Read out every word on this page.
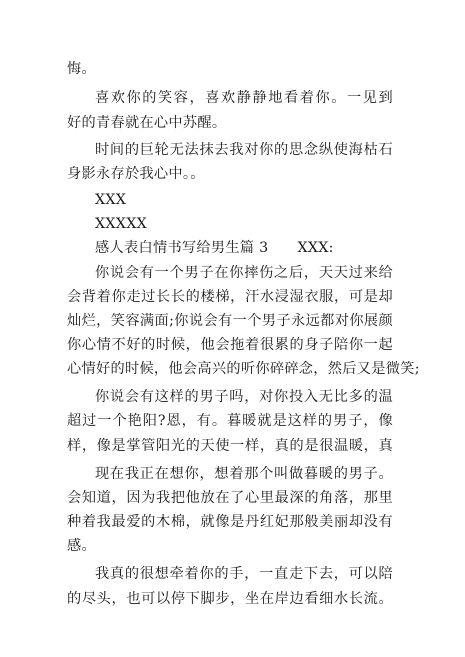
悔。
喜欢你的笑容，喜欢静静地看着你。一见到
好的青春就在心中苏醒。
时间的巨轮无法抹去我对你的思念纵使海枯石
身影永存於我心中。。
XXX
XXXXX
感人表白情书写给男生篇 3　　XXX:
你说会有一个男子在你摔伤之后，天天过来给
会背着你走过长长的楼梯，汗水浸湿衣服，可是却
灿烂，笑容满面;你说会有一个男子永远都对你展颜
你心情不好的时候，他会拖着很累的身子陪你一起
心情好的时候，他会高兴的听你碎碎念，然后又是微笑;
你说会有这样的男子吗，对你投入无比多的温
超过一个艳阳?恩，有。暮暖就是这样的男子，像
样，像是掌管阳光的天使一样，真的是很温暖，真
现在我正在想你，想着那个叫做暮暖的男子。
会知道，因为我把他放在了心里最深的角落，那里
种着我最爱的木棉，就像是丹红妃那般美丽却没有
感。
我真的很想牵着你的手，一直走下去，可以陪
的尽头，也可以停下脚步，坐在岸边看细水长流。
